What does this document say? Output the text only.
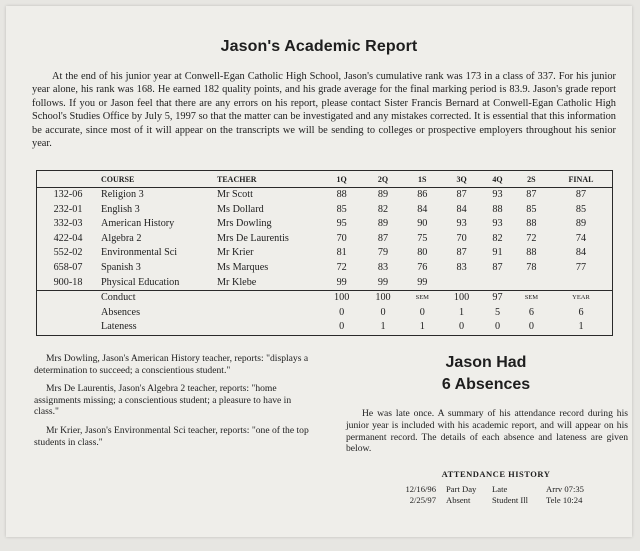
Jason's Academic Report

At the end of his junior year at Conwell-Egan Catholic High School, Jason's cumulative rank was 173 in a class of 337. For his junior year alone, his rank was 168. He earned 182 quality points, and his grade average for the final marking period is 83.9. Jason's grade report follows. If you or Jason feel that there are any errors on his report, please contact Sister Francis Bernard at Conwell-Egan Catholic High School's Studies Office by July 5, 1997 so that the matter can be investigated and any mistakes corrected. It is essential that this information be accurate, since most of it will appear on the transcripts we will be sending to colleges or prospective employers throughout his senior year.

	COURSE	TEACHER	1Q	2Q	1S	3Q	4Q	2S	FINAL
132-06	Religion 3	Mr Scott	88	89	86	87	93	87	87
232-01	English 3	Ms Dollard	85	82	84	84	88	85	85
332-03	American History	Mrs Dowling	95	89	90	93	93	88	89
422-04	Algebra 2	Mrs De Laurentis	70	87	75	70	82	72	74
552-02	Environmental Sci	Mr Krier	81	79	80	87	91	88	84
658-07	Spanish 3	Ms Marques	72	83	76	83	87	78	77
900-18	Physical Education	Mr Klebe	99	99	99				
	Conduct		100	100	SEM	100	97	SEM	YEAR
	Absences		0	0	0	1	5	6	6
	Lateness		0	1	1	0	0	0	1

Mrs Dowling, Jason's American History teacher, reports: "displays a determination to succeed; a conscientious student."

Mrs De Laurentis, Jason's Algebra 2 teacher, reports: "home assignments missing; a conscientious student; a pleasure to have in class."

Mr Krier, Jason's Environmental Sci teacher, reports: "one of the top students in class."

Jason Had
6 Absences

He was late once. A summary of his attendance record during his junior year is included with his academic report, and will appear on his permanent record. The details of each absence and lateness are given below.

ATTENDANCE HISTORY
12/16/96	Part Day	Late	Arrv 07:35
2/25/97	Absent	Student Ill	Tele 10:24
